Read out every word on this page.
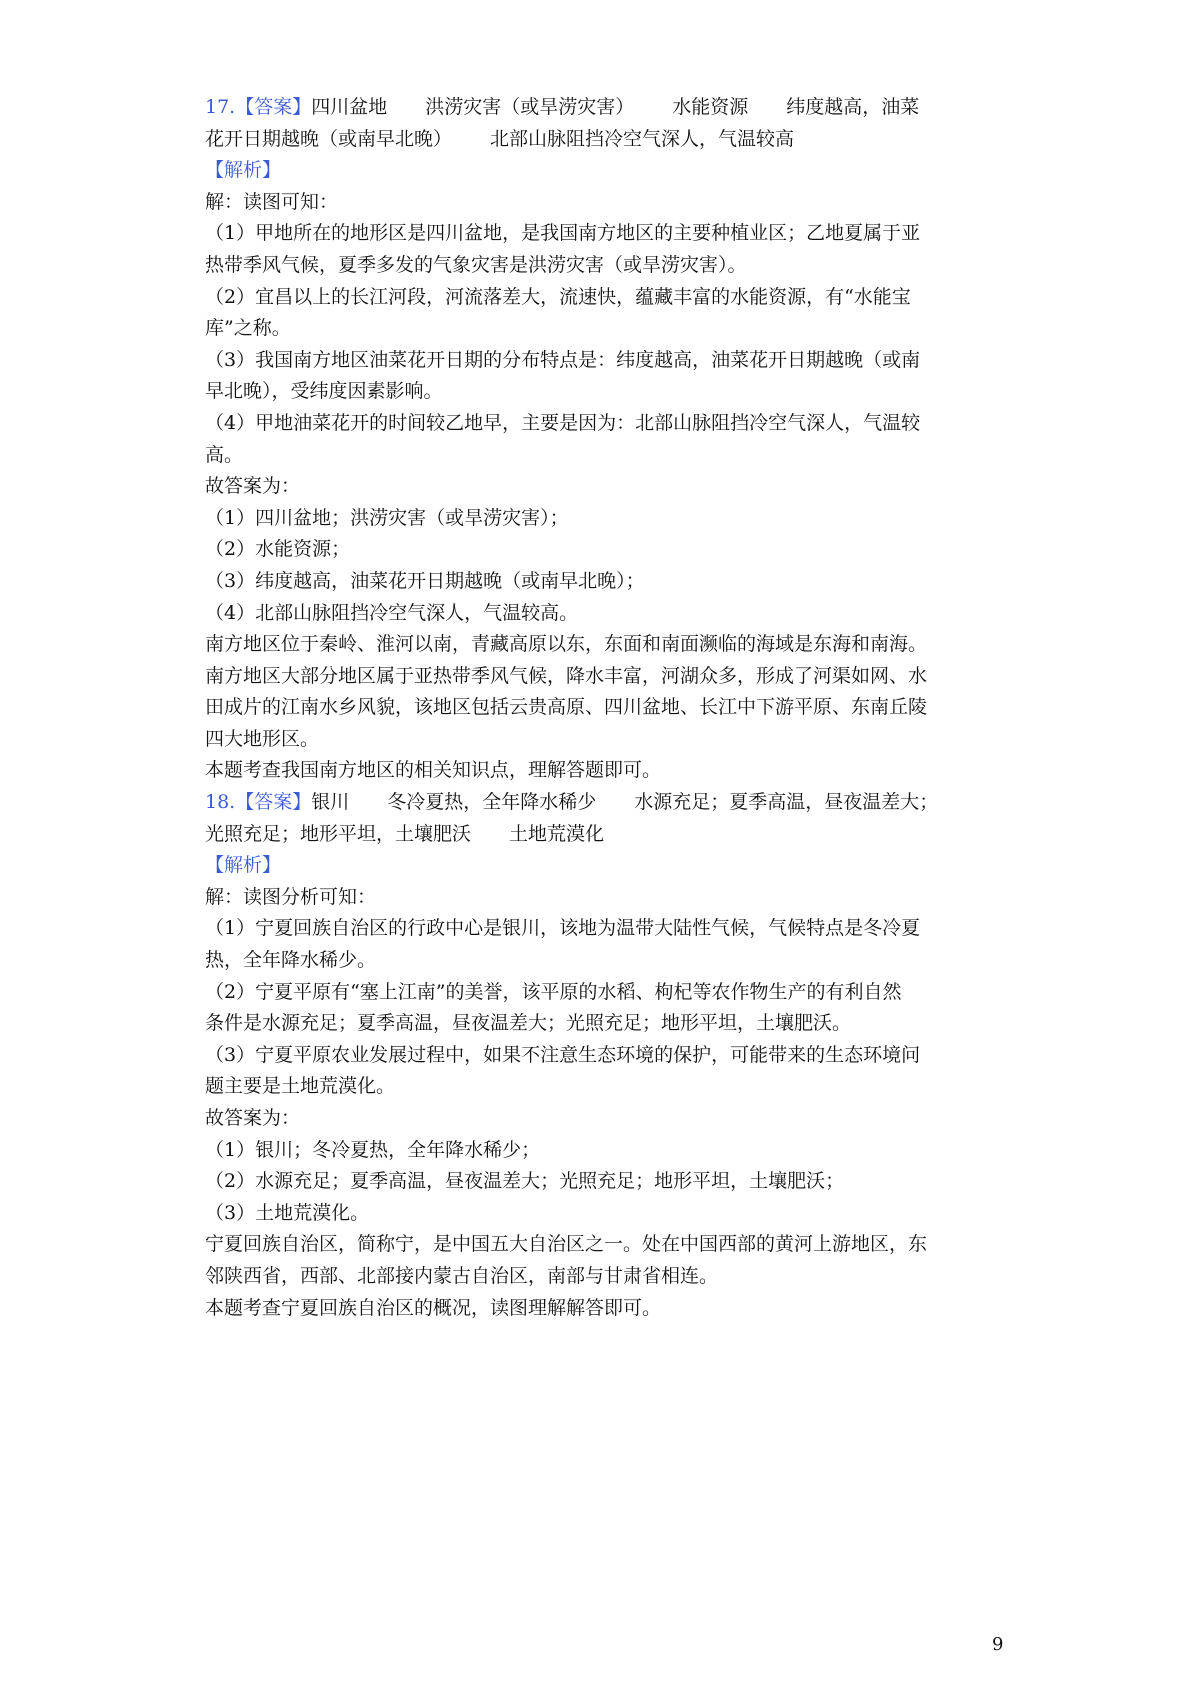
17.【答案】四川盆地 洪涝灾害（或旱涝灾害） 水能资源 纬度越高，油菜
花开日期越晚（或南早北晚） 北部山脉阻挡冷空气深人，气温较高
【解析】
解：读图可知：
（1）甲地所在的地形区是四川盆地，是我国南方地区的主要种植业区；乙地夏属于亚
热带季风气候，夏季多发的气象灾害是洪涝灾害（或旱涝灾害）。
（2）宜昌以上的长江河段，河流落差大，流速快，蕴藏丰富的水能资源，有“水能宝
库”之称。
（3）我国南方地区油菜花开日期的分布特点是：纬度越高，油菜花开日期越晚（或南
早北晚），受纬度因素影响。
（4）甲地油菜花开的时间较乙地早，主要是因为：北部山脉阻挡冷空气深人，气温较
高。
故答案为：
（1）四川盆地；洪涝灾害（或旱涝灾害）；
（2）水能资源；
（3）纬度越高，油菜花开日期越晚（或南早北晚）；
（4）北部山脉阻挡冷空气深人，气温较高。
南方地区位于秦岭、淮河以南，青藏高原以东，东面和南面濒临的海域是东海和南海。
南方地区大部分地区属于亚热带季风气候，降水丰富，河湖众多，形成了河渠如网、水
田成片的江南水乡风貌，该地区包括云贵高原、四川盆地、长江中下游平原、东南丘陵
四大地形区。
本题考查我国南方地区的相关知识点，理解答题即可。
18.【答案】银川 冬冷夏热，全年降水稀少 水源充足；夏季高温，昼夜温差大；
光照充足；地形平坦，土壤肥沃 土地荒漠化
【解析】
解：读图分析可知：
（1）宁夏回族自治区的行政中心是银川，该地为温带大陆性气候，气候特点是冬冷夏
热，全年降水稀少。
（2）宁夏平原有“塞上江南”的美誉，该平原的水稻、枸杞等农作物生产的有利自然
条件是水源充足；夏季高温，昼夜温差大；光照充足；地形平坦，土壤肥沃。
（3）宁夏平原农业发展过程中，如果不注意生态环境的保护，可能带来的生态环境问
题主要是土地荒漠化。
故答案为：
（1）银川；冬冷夏热，全年降水稀少；
（2）水源充足；夏季高温，昼夜温差大；光照充足；地形平坦，土壤肥沃；
（3）土地荒漠化。
宁夏回族自治区，简称宁，是中国五大自治区之一。处在中国西部的黄河上游地区，东
邻陕西省，西部、北部接内蒙古自治区，南部与甘肃省相连。
本题考查宁夏回族自治区的概况，读图理解解答即可。
9
